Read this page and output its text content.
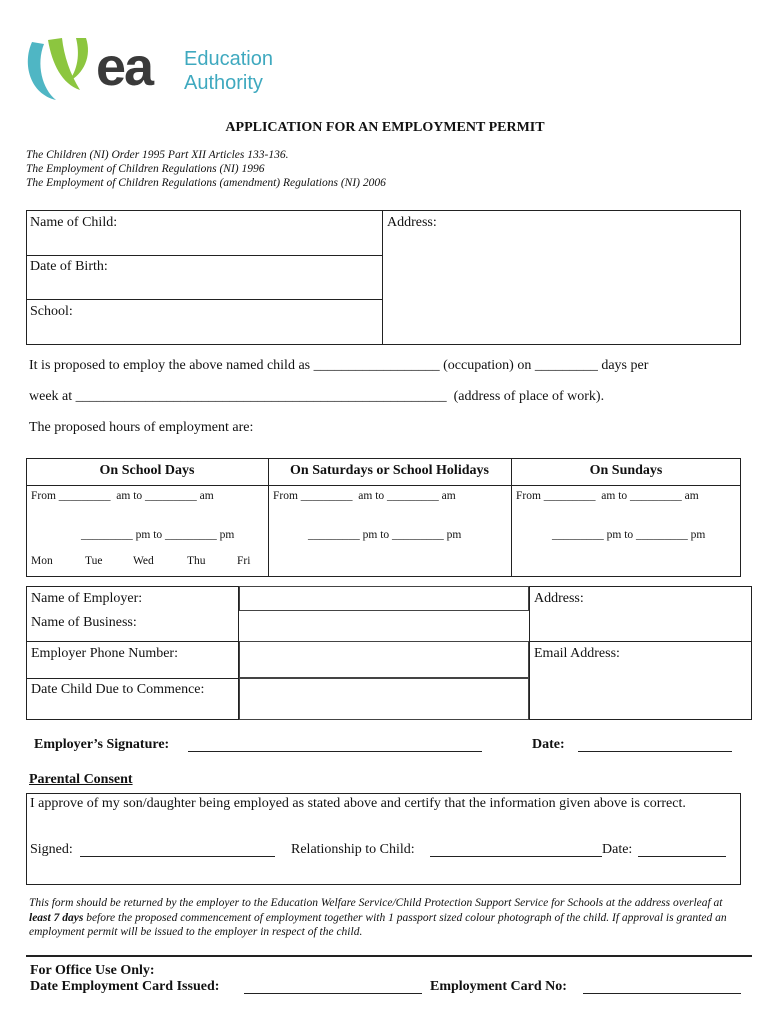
ea Education
Authority
APPLICATION FOR AN EMPLOYMENT PERMIT
The Children (NI) Order 1995 Part XII Articles 133-136.
The Employment of Children Regulations (NI) 1996
The Employment of Children Regulations (amendment) Regulations (NI) 2006
Name of Child:	Address:
Date of Birth:
School:
It is proposed to employ the above named child as __________________ (occupation) on _________ days per
week at _____________________________________________________  (address of place of work).
The proposed hours of employment are:
On School Days	On Saturdays or School Holidays	On Sundays
From _________  am to _________ am	From _________  am to _________ am	From _________  am to _________ am
_________ pm to _________ pm	_________ pm to _________ pm	_________ pm to _________ pm
Mon	Tue	Wed	Thu	Fri
Name of Employer:
Name of Business:
Employer Phone Number:
Date Child Due to Commence:
Address:
Email Address:
Employer’s Signature:	Date:
Parental Consent
I approve of my son/daughter being employed as stated above and certify that the information given above is correct.
Signed:	Relationship to Child:	Date:
This form should be returned by the employer to the Education Welfare Service/Child Protection Support Service for Schools at the address overleaf at least 7 days before the proposed commencement of employment together with 1 passport sized colour photograph of the child. If approval is granted an employment permit will be issued to the employer in respect of the child.
For Office Use Only:
Date Employment Card Issued:	Employment Card No:
